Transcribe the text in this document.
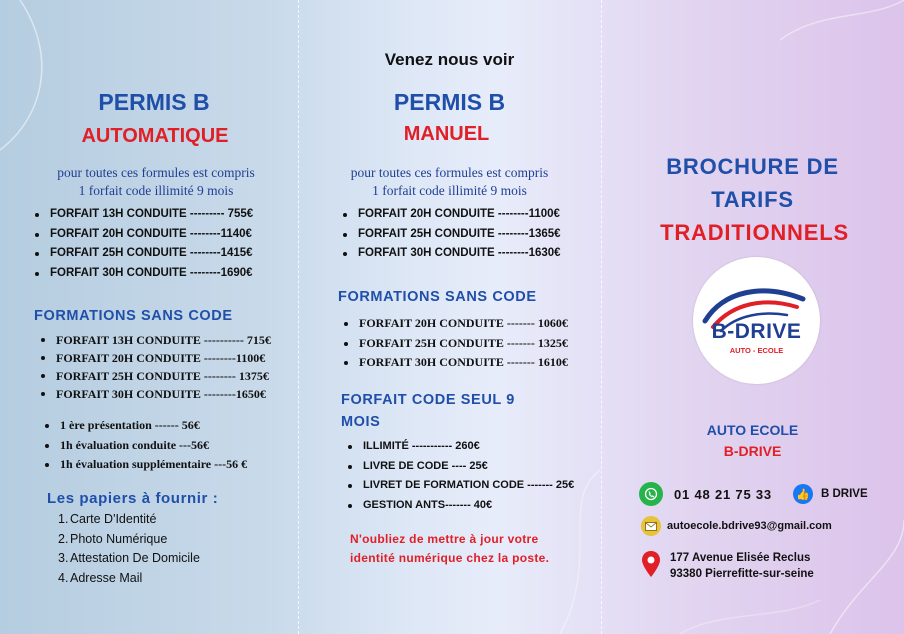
PERMIS B
AUTOMATIQUE
pour toutes ces formules est compris
1 forfait code illimité 9 mois
FORFAIT 13H CONDUITE --------- 755€
FORFAIT 20H CONDUITE --------1140€
FORFAIT 25H CONDUITE --------1415€
FORFAIT 30H CONDUITE --------1690€
FORMATIONS SANS CODE
FORFAIT 13H CONDUITE ---------- 715€
FORFAIT 20H CONDUITE --------1100€
FORFAIT 25H CONDUITE -------- 1375€
FORFAIT 30H CONDUITE --------1650€
1 ère présentation ------ 56€
1h évaluation conduite ---56€
1h évaluation supplémentaire ---56 €
Les papiers à fournir :
1. Carte D'Identité
2. Photo Numérique
3. Attestation De Domicile
4. Adresse Mail
Venez nous voir
PERMIS B
MANUEL
pour toutes ces formules est compris
1 forfait code illimité 9 mois
FORFAIT 20H CONDUITE --------1100€
FORFAIT 25H CONDUITE --------1365€
FORFAIT 30H CONDUITE --------1630€
FORMATIONS SANS CODE
FORFAIT 20H CONDUITE ------- 1060€
FORFAIT 25H CONDUITE ------- 1325€
FORFAIT 30H CONDUITE ------- 1610€
FORFAIT CODE SEUL 9
MOIS
ILLIMITÉ ----------- 260€
LIVRE DE CODE ---- 25€
LIVRET DE FORMATION CODE ------- 25€
GESTION ANTS------- 40€
N'oubliez de mettre à jour votre
identité numérique chez la poste.
BROCHURE DE
TARIFS
TRADITIONNELS
B-DRIVE
AUTO - ECOLE
AUTO ECOLE
B-DRIVE
01 48 21 75 33 👍 B DRIVE
autoecole.bdrive93@gmail.com
177 Avenue Elisée Reclus
93380 Pierrefitte-sur-seine
